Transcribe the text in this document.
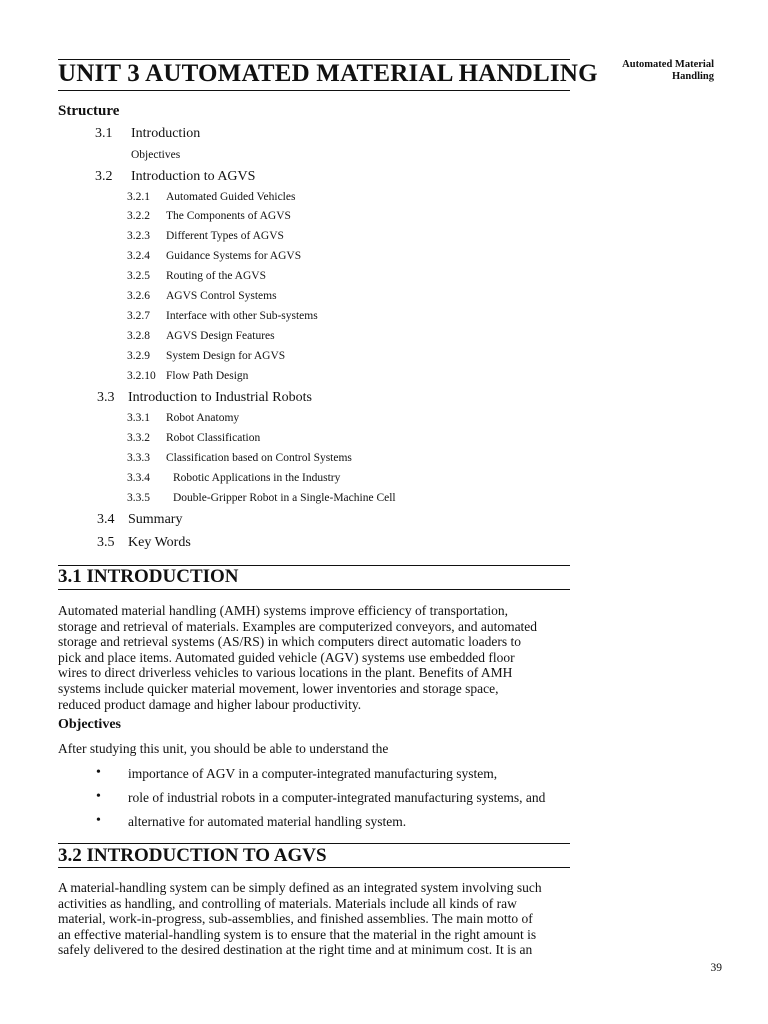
UNIT 3 AUTOMATED MATERIAL HANDLING	Automated Material
Handling
Structure
3.1 Introduction
Objectives
3.2 Introduction to AGVS
3.2.1 Automated Guided Vehicles
3.2.2 The Components of AGVS
3.2.3 Different Types of AGVS
3.2.4 Guidance Systems for AGVS
3.2.5 Routing of the AGVS
3.2.6 AGVS Control Systems
3.2.7 Interface with other Sub-systems
3.2.8 AGVS Design Features
3.2.9 System Design for AGVS
3.2.10 Flow Path Design
3.3 Introduction to Industrial Robots
3.3.1 Robot Anatomy
3.3.2 Robot Classification
3.3.3 Classification based on Control Systems
3.3.4 Robotic Applications in the Industry
3.3.5 Double-Gripper Robot in a Single-Machine Cell
3.4 Summary
3.5 Key Words
3.1 INTRODUCTION
Automated material handling (AMH) systems improve efficiency of transportation,
storage and retrieval of materials. Examples are computerized conveyors, and automated
storage and retrieval systems (AS/RS) in which computers direct automatic loaders to
pick and place items. Automated guided vehicle (AGV) systems use embedded floor
wires to direct driverless vehicles to various locations in the plant. Benefits of AMH
systems include quicker material movement, lower inventories and storage space,
reduced product damage and higher labour productivity.
Objectives
After studying this unit, you should be able to understand the
• importance of AGV in a computer-integrated manufacturing system,
• role of industrial robots in a computer-integrated manufacturing systems, and
• alternative for automated material handling system.
3.2 INTRODUCTION TO AGVS
A material-handling system can be simply defined as an integrated system involving such
activities as handling, and controlling of materials. Materials include all kinds of raw
material, work-in-progress, sub-assemblies, and finished assemblies. The main motto of
an effective material-handling system is to ensure that the material in the right amount is
safely delivered to the desired destination at the right time and at minimum cost. It is an
39
